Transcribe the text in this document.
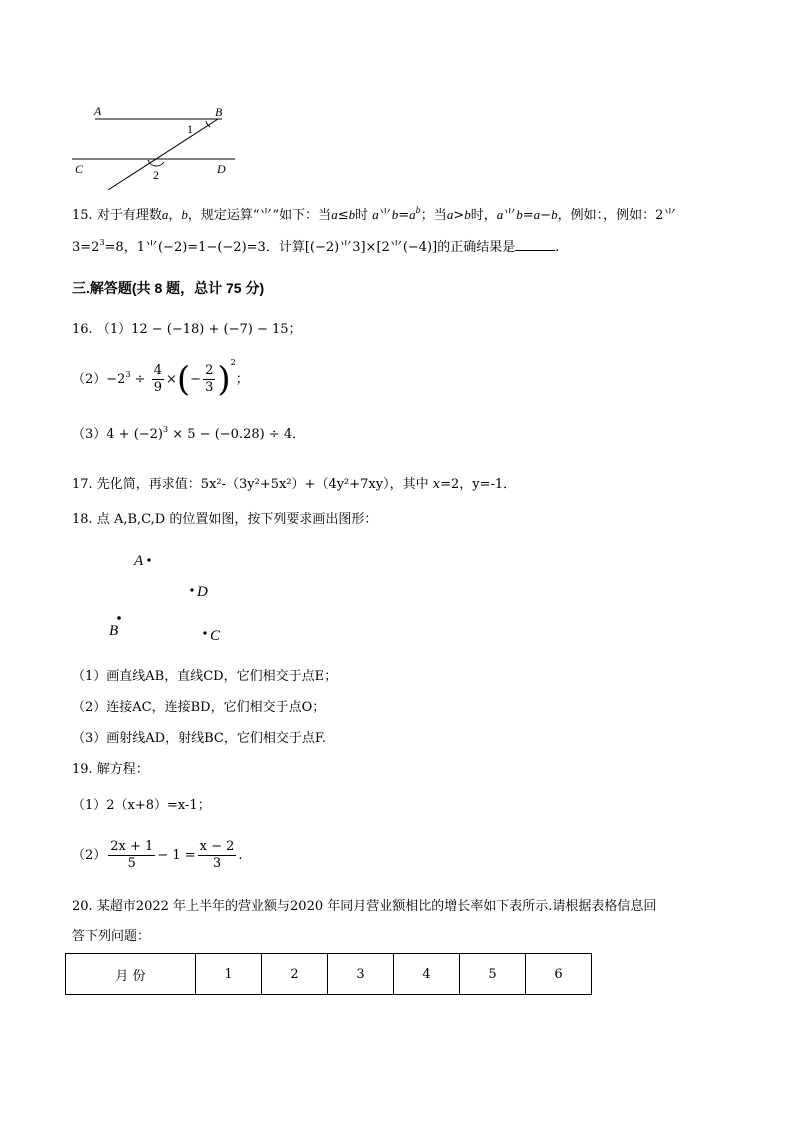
A	B
C	D
1
2
15. 对于有理数a，b，规定运算“⺌”如下：当a≤b时 a⺌$b=a^b$；当a>b时，a⺌b=a−b，例如：，例如：2⺌
$3=2^3=8$，1⺌(−2)=1−(−2)=3．计算[(−2)⺌3]×[2⺌(−4)]的正确结果是	.
三.解答题(共 8 题，总计 75 分)
16. （1）12 − (−18) + (−7) − 15；
$(2)-2^3 \div \frac{4}{9}$ ×(− $\frac{2}{3} )^2$；
$(3)4 + (-2)^3 \times 5 - (-0.28) \div 4$．
17. 先化简，再求值：5x²-（3y²+5x²）+（4y²+7xy），其中 x=2，y=-1．
18. 点 A,B,C,D 的位置如图，按下列要求画出图形：
A
D
B	C
（1）画直线AB，直线CD，它们相交于点E；
（2）连接AC，连接BD，它们相交于点O；
（3）画射线AD，射线BC，它们相交于点F.
19. 解方程：
（1）2（x+8）=x-1；
$(2) \frac{2x + 1}{5} - 1 = \frac{x - 2}{3}$ .
20. 某超市2022 年上半年的营业额与2020 年同月营业额相比的增长率如下表所示.请根据表格信息回
答下列问题：
月 份	1	2	3	4	5	6
